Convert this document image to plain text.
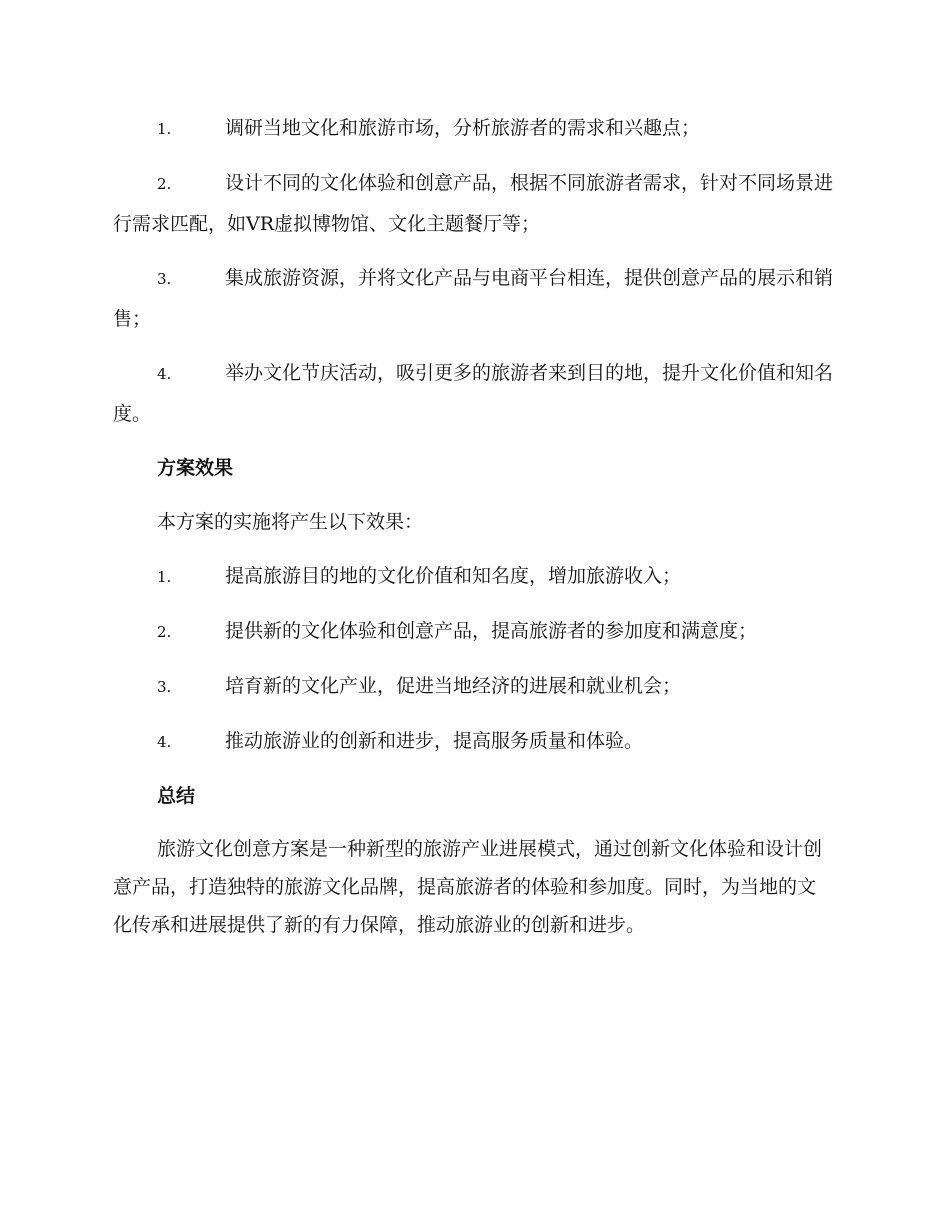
1.	调研当地文化和旅游市场，分析旅游者的需求和兴趣点；

2.	设计不同的文化体验和创意产品，根据不同旅游者需求，针对不同场景进行需求匹配，如VR虚拟博物馆、文化主题餐厅等；

3.	集成旅游资源，并将文化产品与电商平台相连，提供创意产品的展示和销售；

4.	举办文化节庆活动，吸引更多的旅游者来到目的地，提升文化价值和知名度。

方案效果

本方案的实施将产生以下效果：

1.	提高旅游目的地的文化价值和知名度，增加旅游收入；

2.	提供新的文化体验和创意产品，提高旅游者的参加度和满意度；

3.	培育新的文化产业，促进当地经济的进展和就业机会；

4.	推动旅游业的创新和进步，提高服务质量和体验。

总结

旅游文化创意方案是一种新型的旅游产业进展模式，通过创新文化体验和设计创意产品，打造独特的旅游文化品牌，提高旅游者的体验和参加度。同时，为当地的文化传承和进展提供了新的有力保障，推动旅游业的创新和进步。
